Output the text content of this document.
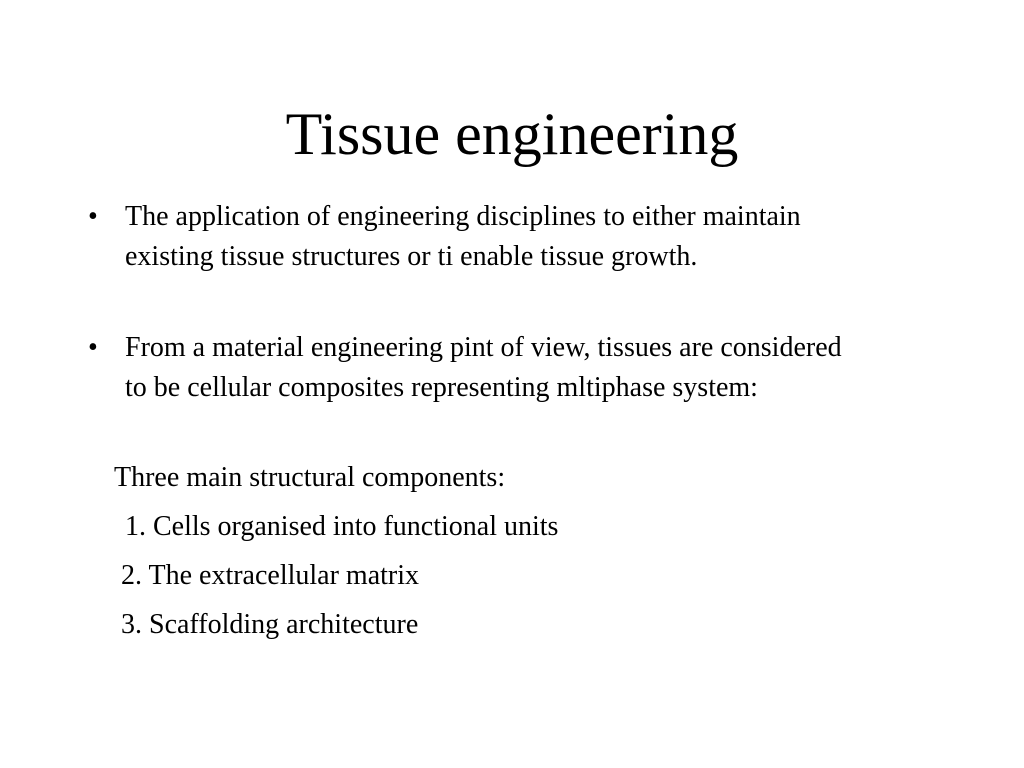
Tissue engineering
• The application of engineering disciplines to either maintain existing tissue structures or ti enable tissue growth.
• From a material engineering pint of view, tissues are considered to be cellular composites representing mltiphase system:
Three main structural components:
1. Cells organised into functional units
2. The extracellular matrix
3. Scaffolding architecture
